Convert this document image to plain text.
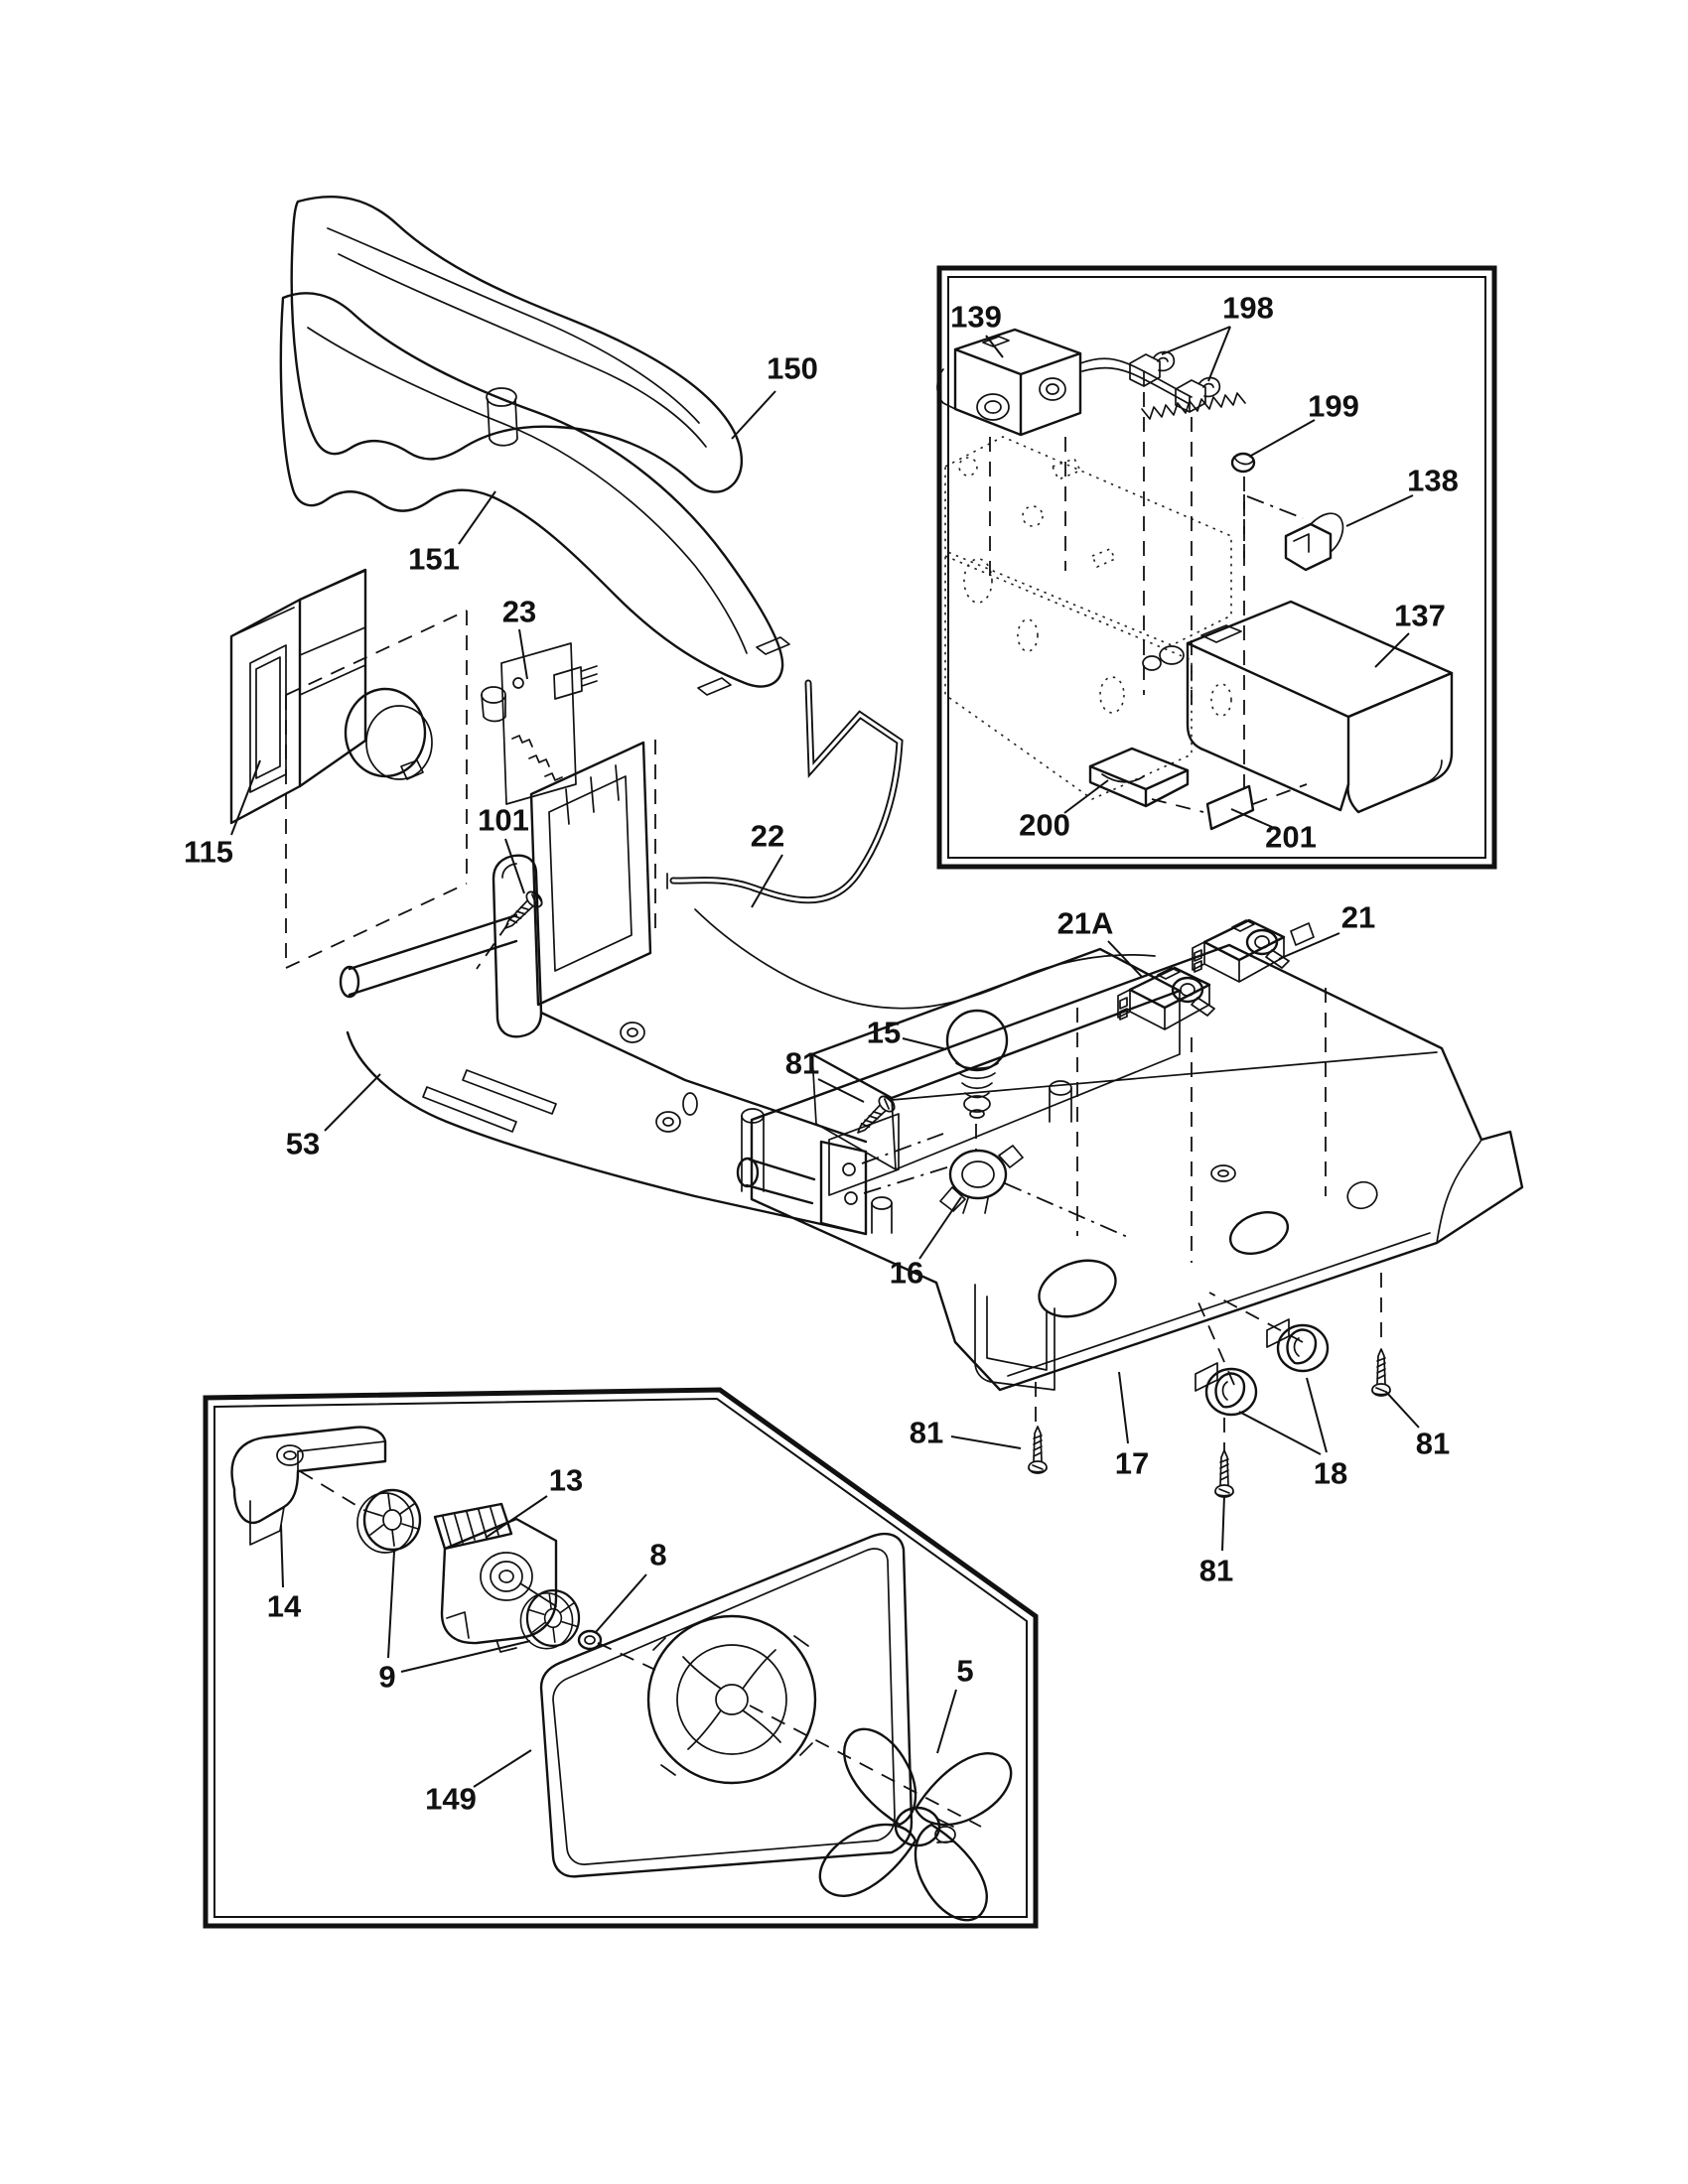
150
151
115
23
101	22
53
15
81
16
21A	21
17	18
81
81
81
139	198
199
138
137
200	201
14
13
9
8
149
5
